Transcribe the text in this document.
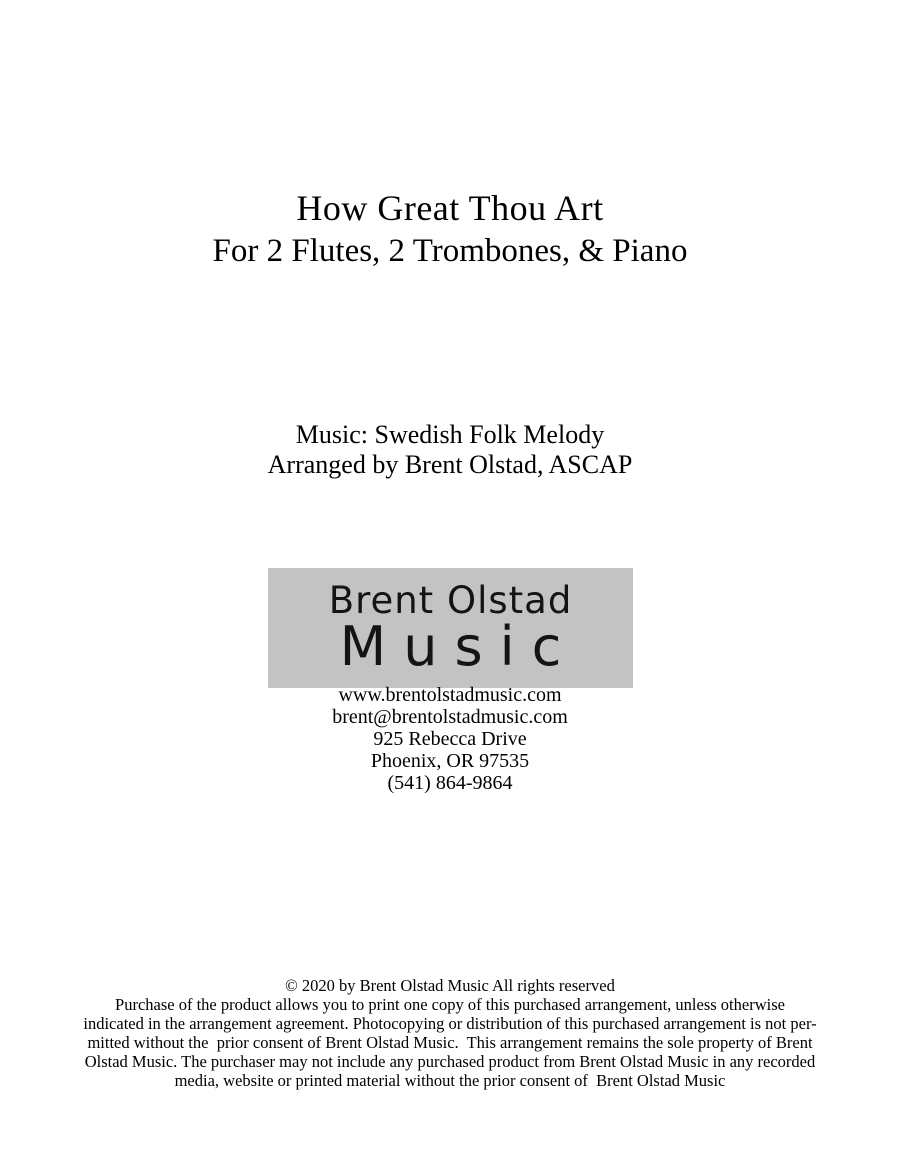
How Great Thou Art
For 2 Flutes, 2 Trombones, & Piano
Music: Swedish Folk Melody
Arranged by Brent Olstad, ASCAP
Brent Olstad
Music
www.brentolstadmusic.com
brent@brentolstadmusic.com
925 Rebecca Drive
Phoenix, OR 97535
(541) 864-9864
© 2020 by Brent Olstad Music All rights reserved
Purchase of the product allows you to print one copy of this purchased arrangement, unless otherwise
indicated in the arrangement agreement. Photocopying or distribution of this purchased arrangement is not per-
mitted without the  prior consent of Brent Olstad Music.  This arrangement remains the sole property of Brent
Olstad Music. The purchaser may not include any purchased product from Brent Olstad Music in any recorded
media, website or printed material without the prior consent of  Brent Olstad Music
